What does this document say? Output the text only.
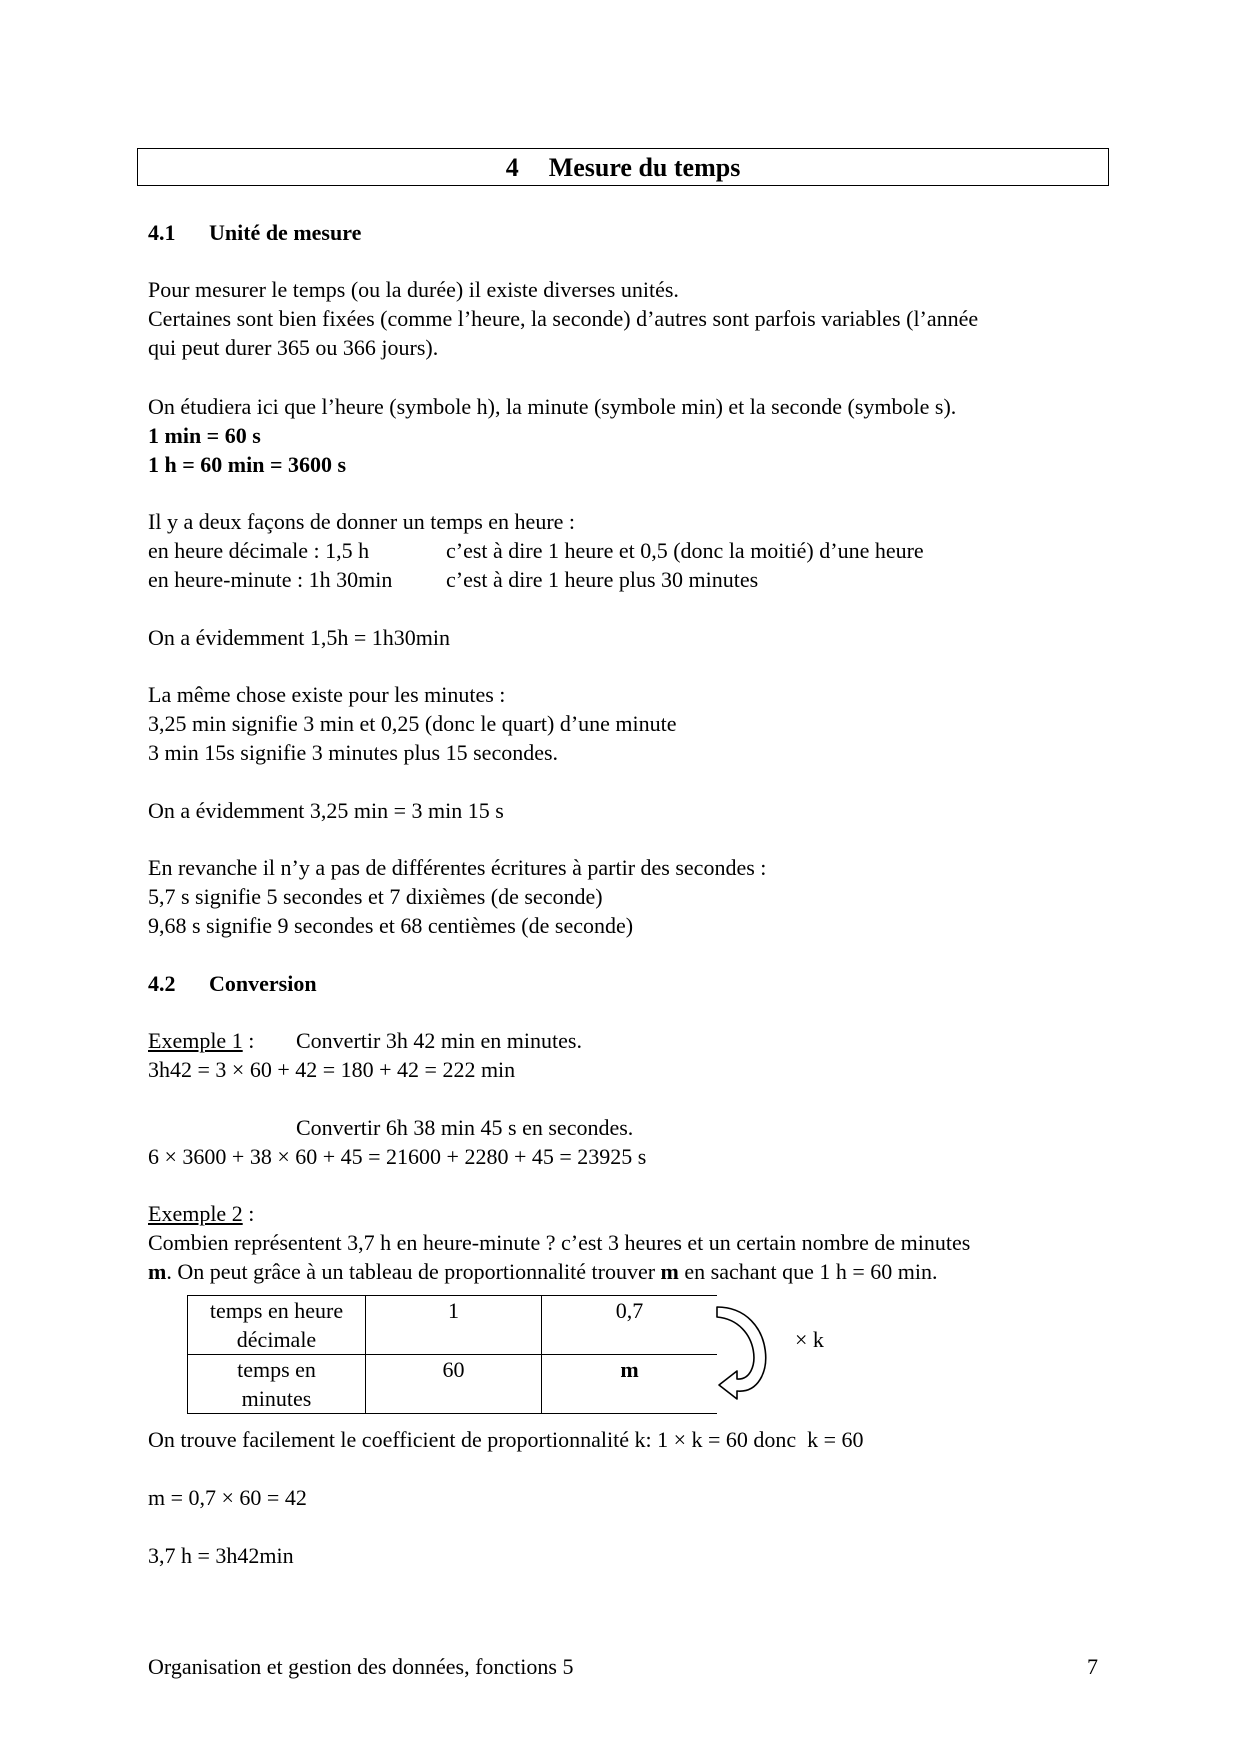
4 Mesure du temps
4.1 Unité de mesure
Pour mesurer le temps (ou la durée) il existe diverses unités.
Certaines sont bien fixées (comme l’heure, la seconde) d’autres sont parfois variables (l’année
qui peut durer 365 ou 366 jours).
On étudiera ici que l’heure (symbole h), la minute (symbole min) et la seconde (symbole s).
1 min = 60 s
1 h = 60 min = 3600 s
Il y a deux façons de donner un temps en heure :
en heure décimale : 1,5 h	c’est à dire 1 heure et 0,5 (donc la moitié) d’une heure
en heure-minute : 1h 30min c’est à dire 1 heure plus 30 minutes
On a évidemment 1,5h = 1h30min
La même chose existe pour les minutes :
3,25 min signifie 3 min et 0,25 (donc le quart) d’une minute
3 min 15s signifie 3 minutes plus 15 secondes.
On a évidemment 3,25 min = 3 min 15 s
En revanche il n’y a pas de différentes écritures à partir des secondes :
5,7 s signifie 5 secondes et 7 dixièmes (de seconde)
9,68 s signifie 9 secondes et 68 centièmes (de seconde)
4.2 Conversion
Exemple 1 : Convertir 3h 42 min en minutes.
3h42 = 3 × 60 + 42 = 180 + 42 = 222 min

Convertir 6h 38 min 45 s en secondes.
6 × 3600 + 38 × 60 + 45 = 21600 + 2280 + 45 = 23925 s
Exemple 2 :
Combien représentent 3,7 h en heure-minute ? c’est 3 heures et un certain nombre de minutes
m. On peut grâce à un tableau de proportionnalité trouver m en sachant que 1 h = 60 min.
temps en heure
décimale	1	0,7

temps en
minutes	60	m
× k
On trouve facilement le coefficient de proportionnalité k: 1 × k = 60 donc  k = 60

m = 0,7 × 60 = 42

3,7 h = 3h42min
Organisation et gestion des données, fonctions 5	7
